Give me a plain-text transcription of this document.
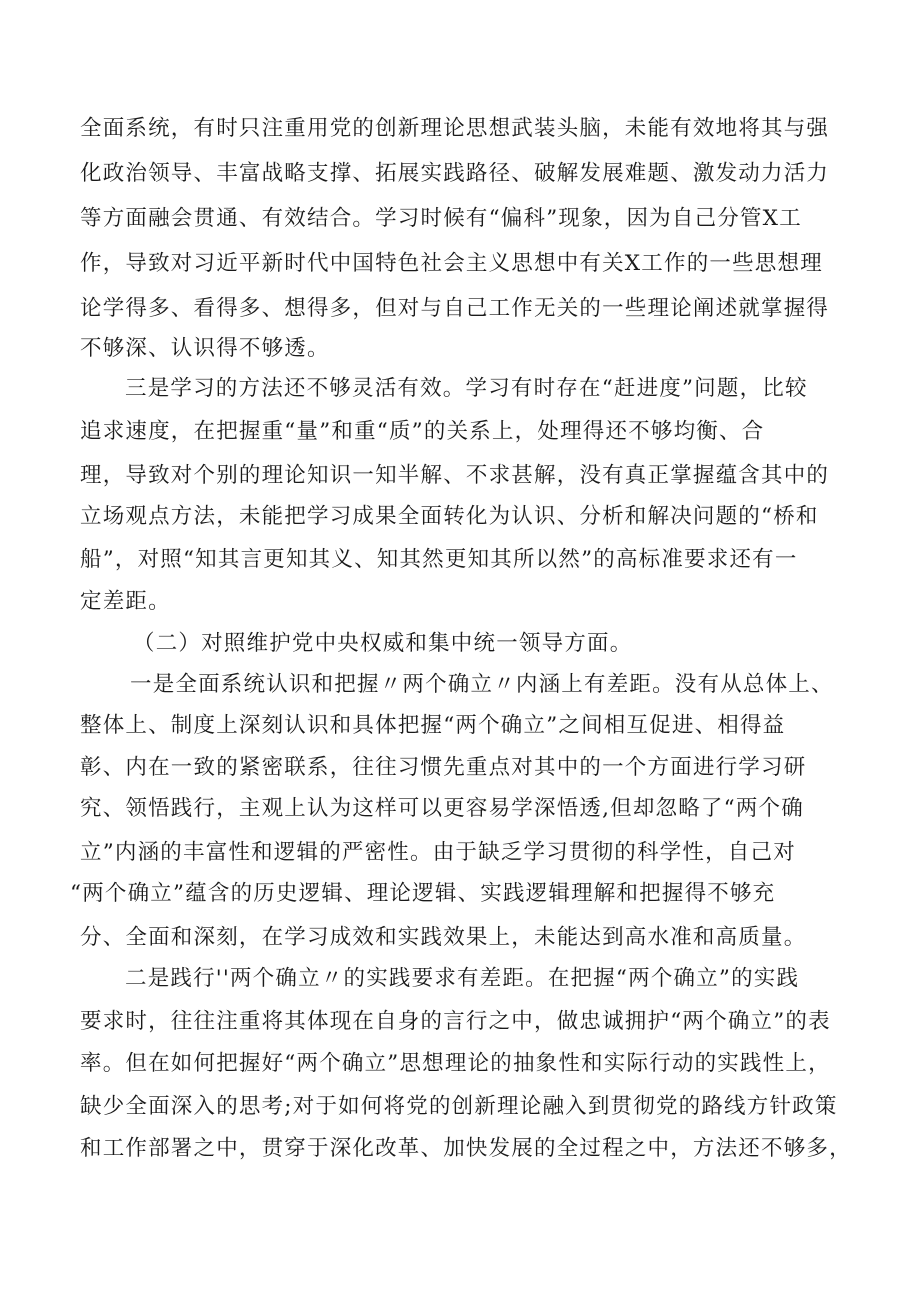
全面系统，有时只注重用党的创新理论思想武装头脑，未能有效地将其与强
化政治领导、丰富战略支撑、拓展实践路径、破解发展难题、激发动力活力
等方面融会贯通、有效结合。学习时候有“偏科”现象，因为自己分管X工
作，导致对习近平新时代中国特色社会主义思想中有关X工作的一些思想理
论学得多、看得多、想得多，但对与自己工作无关的一些理论阐述就掌握得
不够深、认识得不够透。
三是学习的方法还不够灵活有效。学习有时存在“赶进度”问题，比较
追求速度，在把握重“量”和重“质”的关系上，处理得还不够均衡、合
理，导致对个别的理论知识一知半解、不求甚解，没有真正掌握蕴含其中的
立场观点方法，未能把学习成果全面转化为认识、分析和解决问题的“桥和
船”，对照“知其言更知其义、知其然更知其所以然”的高标准要求还有一
定差距。
（二）对照维护党中央权威和集中统一领导方面。
一是全面系统认识和把握〃两个确立〃内涵上有差距。没有从总体上、
整体上、制度上深刻认识和具体把握“两个确立”之间相互促进、相得益
彰、内在一致的紧密联系，往往习惯先重点对其中的一个方面进行学习研
究、领悟践行，主观上认为这样可以更容易学深悟透,但却忽略了“两个确
立”内涵的丰富性和逻辑的严密性。由于缺乏学习贯彻的科学性，自己对
“两个确立”蕴含的历史逻辑、理论逻辑、实践逻辑理解和把握得不够充
分、全面和深刻，在学习成效和实践效果上，未能达到高水准和高质量。
二是践行''两个确立〃的实践要求有差距。在把握“两个确立”的实践
要求时，往往注重将其体现在自身的言行之中，做忠诚拥护“两个确立”的表
率。但在如何把握好“两个确立”思想理论的抽象性和实际行动的实践性上，
缺少全面深入的思考;对于如何将党的创新理论融入到贯彻党的路线方针政策
和工作部署之中，贯穿于深化改革、加快发展的全过程之中，方法还不够多，
